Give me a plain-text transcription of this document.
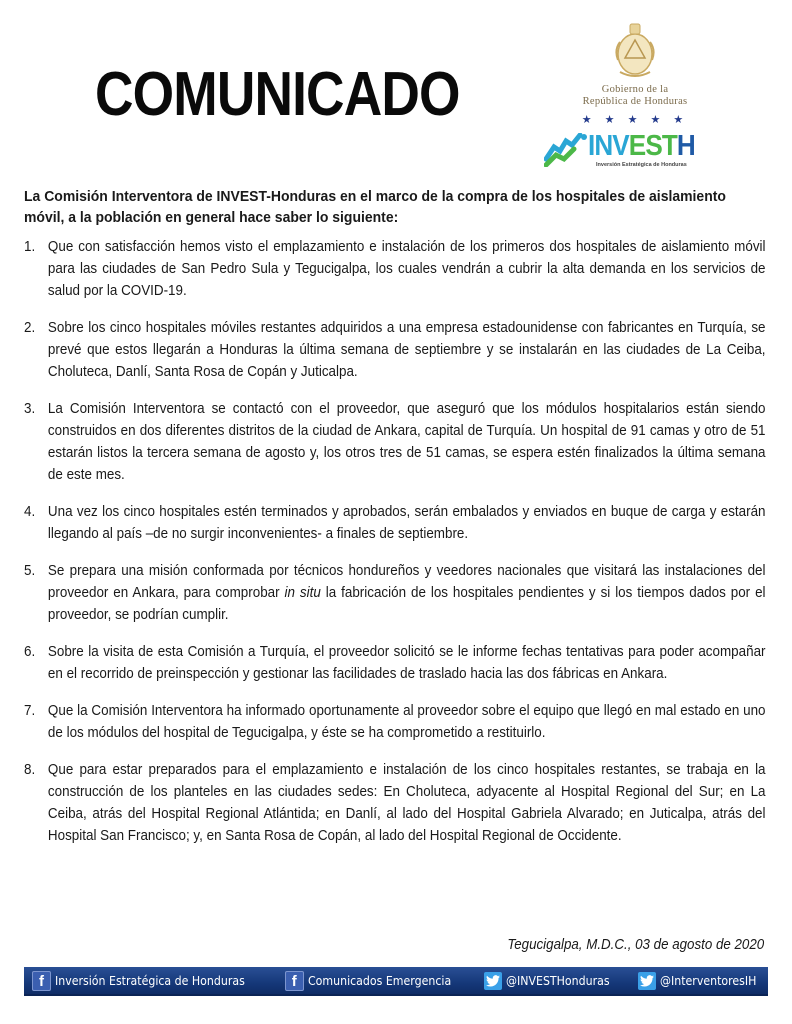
COMUNICADO	Gobierno de la
República de Honduras
★ ★ ★ ★ ★
INVESTH
Inversión Estratégica de Honduras
La Comisión Interventora de INVEST-Honduras en el marco de la compra de los hospitales de aislamiento móvil, a la población en general hace saber lo siguiente:
1. Que con satisfacción hemos visto el emplazamiento e instalación de los primeros dos hospitales de aislamiento móvil para las ciudades de San Pedro Sula y Tegucigalpa, los cuales vendrán a cubrir la alta demanda en los servicios de salud por la COVID-19.
2. Sobre los cinco hospitales móviles restantes adquiridos a una empresa estadounidense con fabricantes en Turquía, se prevé que estos llegarán a Honduras la última semana de septiembre y se instalarán en las ciudades de La Ceiba, Choluteca, Danlí, Santa Rosa de Copán y Juticalpa.
3. La Comisión Interventora se contactó con el proveedor, que aseguró que los módulos hospitalarios están siendo construidos en dos diferentes distritos de la ciudad de Ankara, capital de Turquía. Un hospital de 91 camas y otro de 51 estarán listos la tercera semana de agosto y, los otros tres de 51 camas, se espera estén finalizados la última semana de este mes.
4. Una vez los cinco hospitales estén terminados y aprobados, serán embalados y enviados en buque de carga y estarán llegando al país –de no surgir inconvenientes- a finales de septiembre.
5. Se prepara una misión conformada por técnicos hondureños y veedores nacionales que visitará las instalaciones del proveedor en Ankara, para comprobar in situ la fabricación de los hospitales pendientes y si los tiempos dados por el proveedor, se podrían cumplir.
6. Sobre la visita de esta Comisión a Turquía, el proveedor solicitó se le informe fechas tentativas para poder acompañar en el recorrido de preinspección y gestionar las facilidades de traslado hacia las dos fábricas en Ankara.
7. Que la Comisión Interventora ha informado oportunamente al proveedor sobre el equipo que llegó en mal estado en uno de los módulos del hospital de Tegucigalpa, y éste se ha comprometido a restituirlo.
8. Que para estar preparados para el emplazamiento e instalación de los cinco hospitales restantes, se trabaja en la construcción de los planteles en las ciudades sedes: En Choluteca, adyacente al Hospital Regional del Sur; en La Ceiba, atrás del Hospital Regional Atlántida; en Danlí, al lado del Hospital Gabriela Alvarado; en Juticalpa, atrás del Hospital San Francisco; y, en Santa Rosa de Copán, al lado del Hospital Regional de Occidente.
Tegucigalpa, M.D.C., 03 de agosto de 2020
f Inversión Estratégica de Honduras	f Comunicados Emergencia	@INVESTHonduras	@InterventoresIH
